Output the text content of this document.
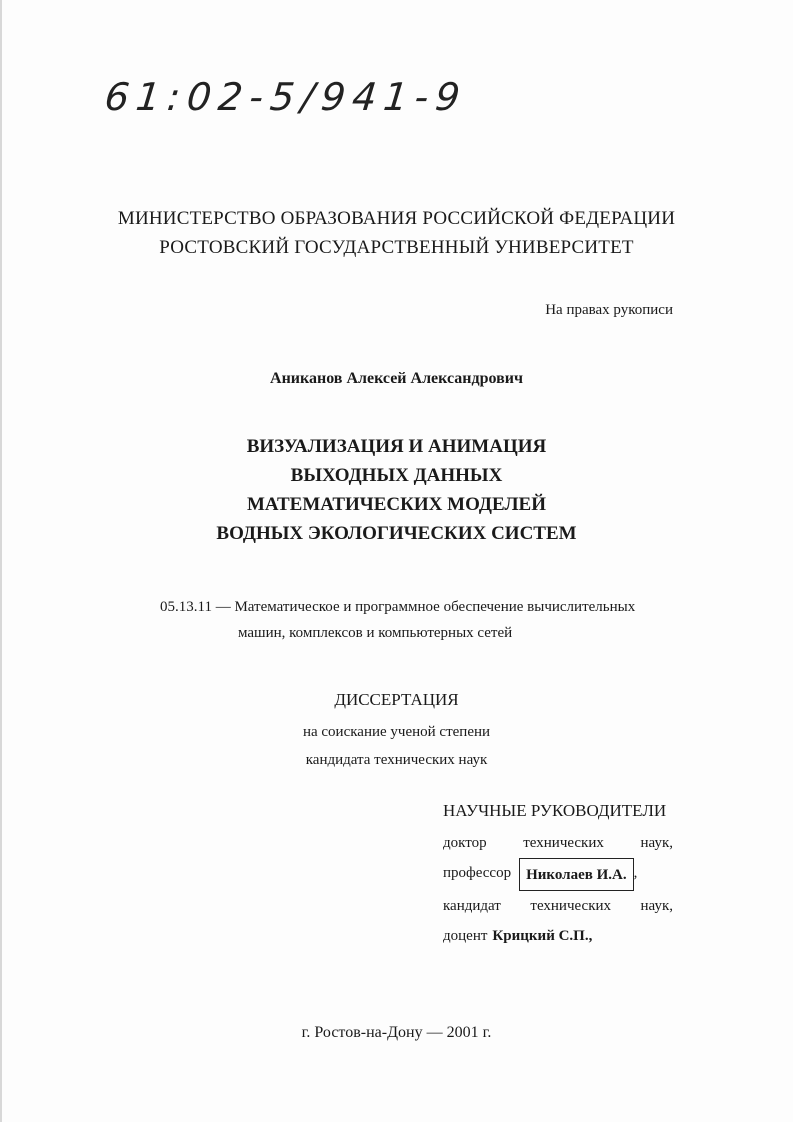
61:02-5/941-9
МИНИСТЕРСТВО ОБРАЗОВАНИЯ РОССИЙСКОЙ ФЕДЕРАЦИИ
РОСТОВСКИЙ ГОСУДАРСТВЕННЫЙ УНИВЕРСИТЕТ
На правах рукописи
Аниканов Алексей Александрович
ВИЗУАЛИЗАЦИЯ И АНИМАЦИЯ
ВЫХОДНЫХ ДАННЫХ
МАТЕМАТИЧЕСКИХ МОДЕЛЕЙ
ВОДНЫХ ЭКОЛОГИЧЕСКИХ СИСТЕМ
05.13.11 — Математическое и программное обеспечение вычислительных
машин, комплексов и компьютерных сетей
ДИССЕРТАЦИЯ
на соискание ученой степени
кандидата технических наук
НАУЧНЫЕ РУКОВОДИТЕЛИ
доктор технических наук,
профессор	Николаев И.А. ,
кандидат технических наук,
доцент Крицкий С.П.,
г. Ростов-на-Дону — 2001 г.
